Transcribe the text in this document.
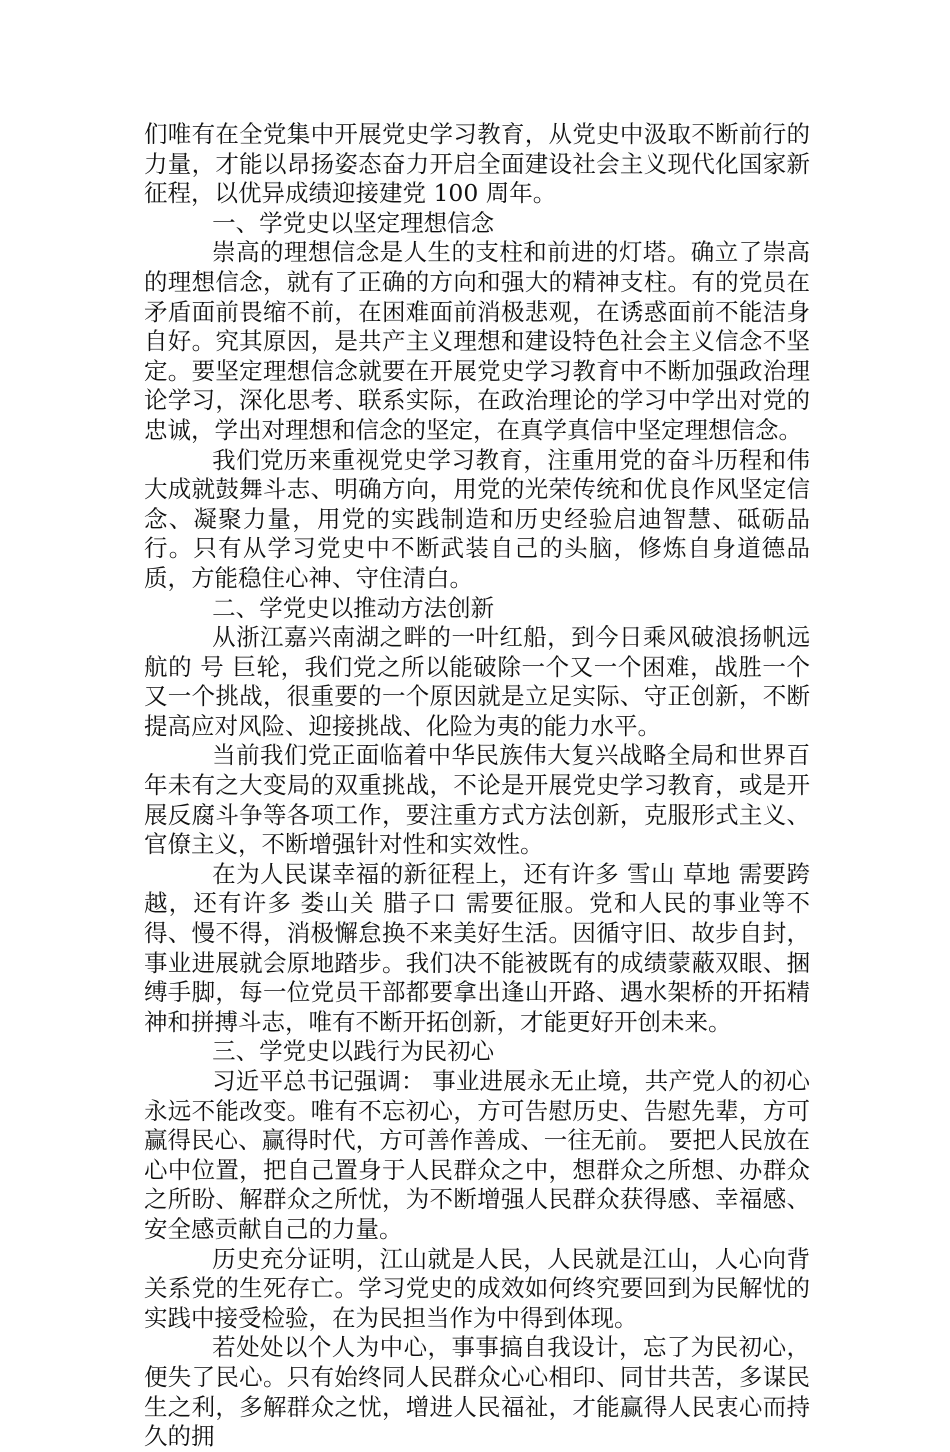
们唯有在全党集中开展党史学习教育，从党史中汲取不断前行的力量，才能以昂扬姿态奋力开启全面建设社会主义现代化国家新征程，以优异成绩迎接建党 100 周年。

一、学党史以坚定理想信念

崇高的理想信念是人生的支柱和前进的灯塔。确立了崇高的理想信念，就有了正确的方向和强大的精神支柱。有的党员在矛盾面前畏缩不前，在困难面前消极悲观，在诱惑面前不能洁身自好。究其原因，是共产主义理想和建设特色社会主义信念不坚定。要坚定理想信念就要在开展党史学习教育中不断加强政治理论学习，深化思考、联系实际，在政治理论的学习中学出对党的忠诚，学出对理想和信念的坚定，在真学真信中坚定理想信念。

我们党历来重视党史学习教育，注重用党的奋斗历程和伟大成就鼓舞斗志、明确方向，用党的光荣传统和优良作风坚定信念、凝聚力量，用党的实践制造和历史经验启迪智慧、砥砺品行。只有从学习党史中不断武装自己的头脑，修炼自身道德品质，方能稳住心神、守住清白。

二、学党史以推动方法创新

从浙江嘉兴南湖之畔的一叶红船，到今日乘风破浪扬帆远航的 号 巨轮，我们党之所以能破除一个又一个困难，战胜一个又一个挑战，很重要的一个原因就是立足实际、守正创新，不断提高应对风险、迎接挑战、化险为夷的能力水平。

当前我们党正面临着中华民族伟大复兴战略全局和世界百年未有之大变局的双重挑战，不论是开展党史学习教育，或是开展反腐斗争等各项工作，要注重方式方法创新，克服形式主义、官僚主义，不断增强针对性和实效性。

在为人民谋幸福的新征程上，还有许多 雪山 草地 需要跨越，还有许多 娄山关 腊子口 需要征服。党和人民的事业等不得、慢不得，消极懈怠换不来美好生活。因循守旧、故步自封，事业进展就会原地踏步。我们决不能被既有的成绩蒙蔽双眼、捆缚手脚，每一位党员干部都要拿出逢山开路、遇水架桥的开拓精神和拼搏斗志，唯有不断开拓创新，才能更好开创未来。

三、学党史以践行为民初心

习近平总书记强调： 事业进展永无止境，共产党人的初心永远不能改变。唯有不忘初心，方可告慰历史、告慰先辈，方可赢得民心、赢得时代，方可善作善成、一往无前。 要把人民放在心中位置，把自己置身于人民群众之中，想群众之所想、办群众之所盼、解群众之所忧，为不断增强人民群众获得感、幸福感、安全感贡献自己的力量。

历史充分证明，江山就是人民，人民就是江山，人心向背关系党的生死存亡。学习党史的成效如何终究要回到为民解忧的实践中接受检验，在为民担当作为中得到体现。

若处处以个人为中心，事事搞自我设计，忘了为民初心，便失了民心。只有始终同人民群众心心相印、同甘共苦，多谋民生之利，多解群众之忧，增进人民福祉，才能赢得人民衷心而持久的拥
